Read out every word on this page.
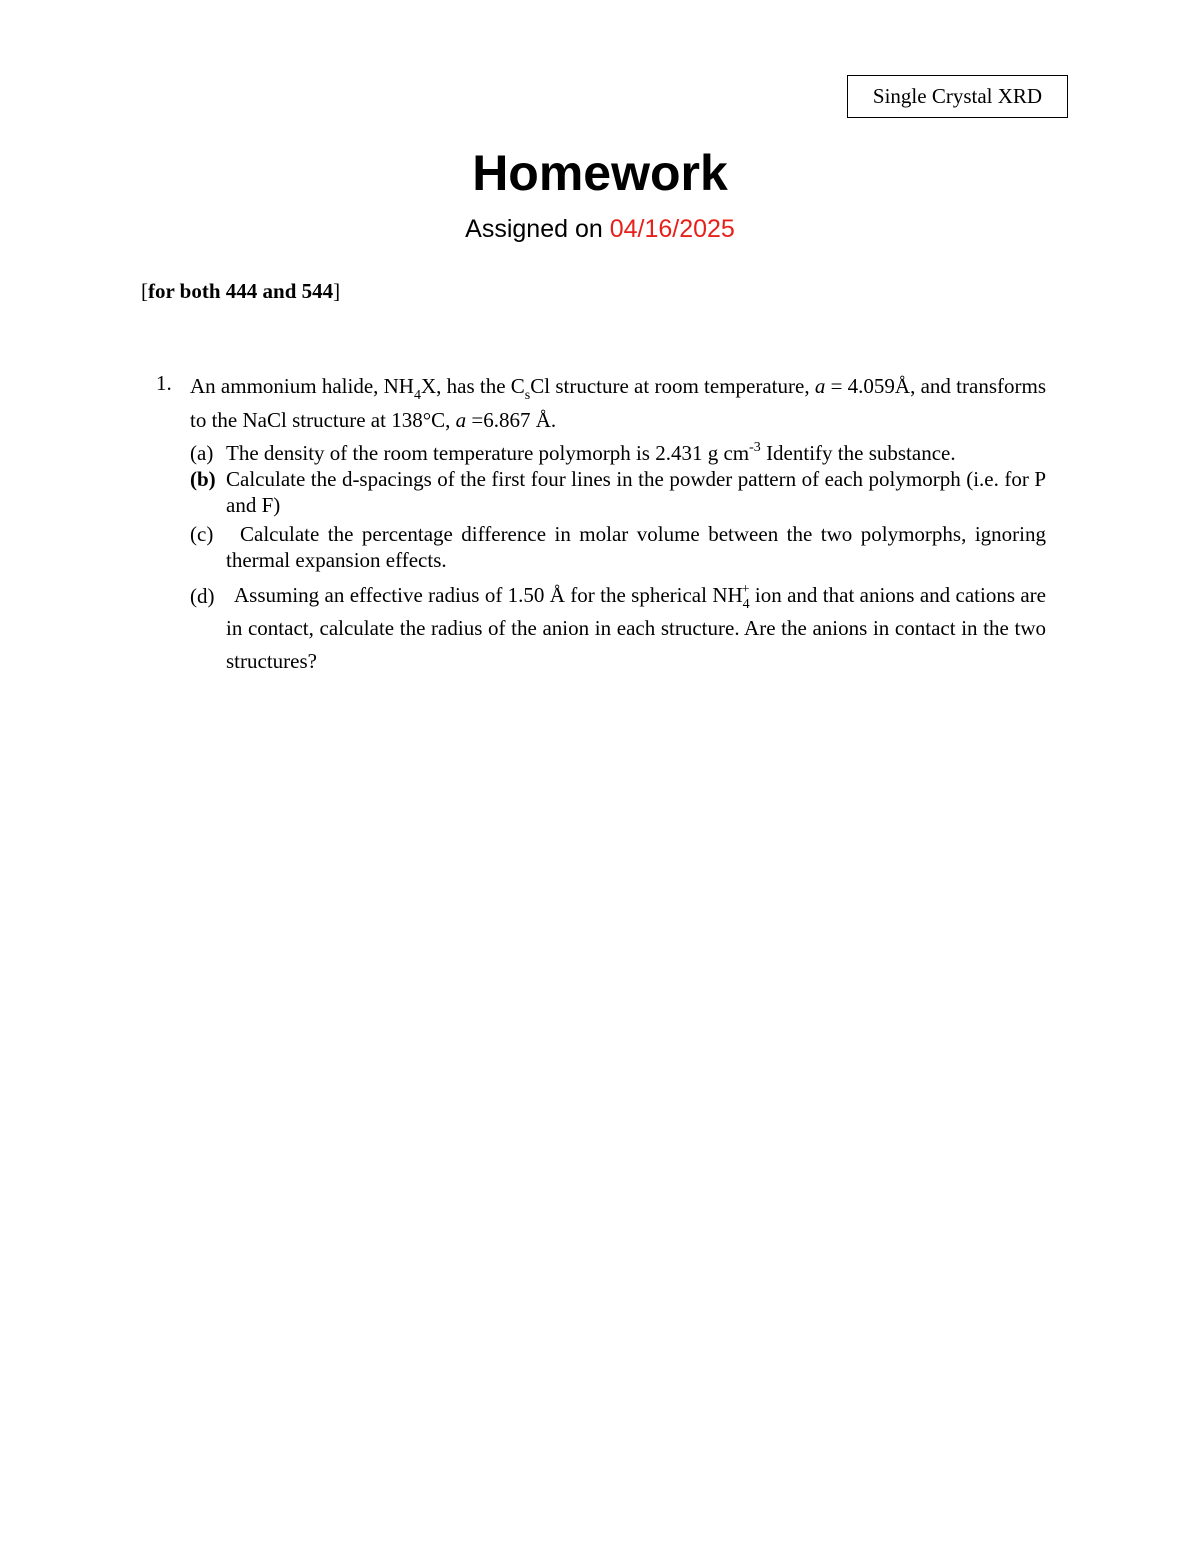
Single Crystal XRD
Homework
Assigned on 04/16/2025
[for both 444 and 544]
1. An ammonium halide, $NH_4X$, has the $C_sCl$ structure at room temperature, a = 4.059Å, and transforms to the NaCl structure at 138°C, a =6.867 Å.
(a) The density of the room temperature polymorph is 2.431 g $cm^{-3}$ Identify the substance.
(b) Calculate the d-spacings of the first four lines in the powder pattern of each polymorph (i.e. for P and F)
(c)	Calculate the percentage difference in molar volume between the two polymorphs, ignoring thermal expansion effects.
(d) Assuming an effective radius of 1.50 Å for the spherical $NH_4^+$ ion and that anions and cations are in contact, calculate the radius of the anion in each structure. Are the anions in contact in the two structures?
